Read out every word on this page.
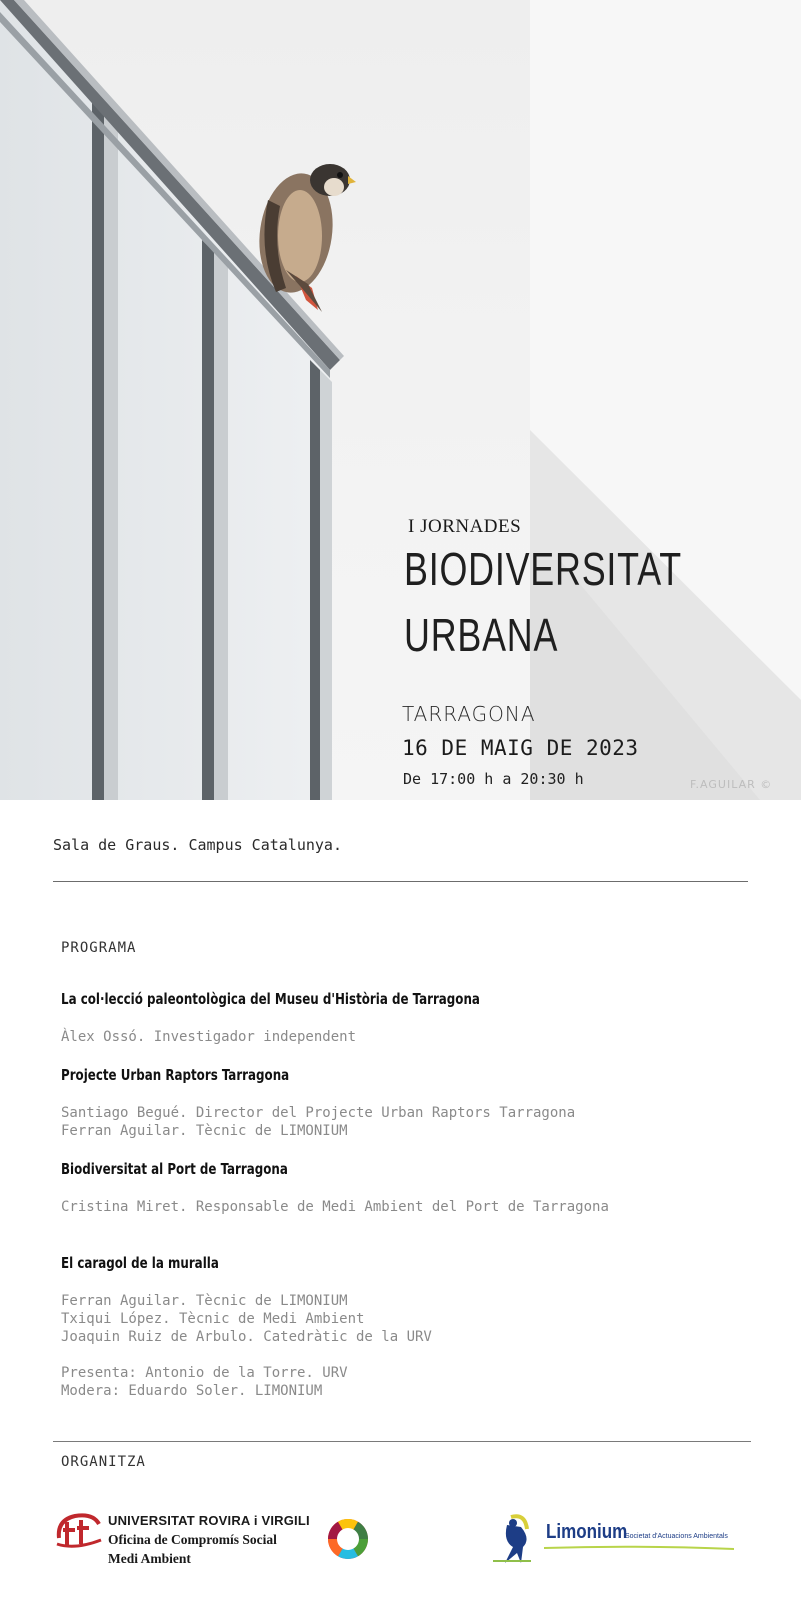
I JORNADES
BIODIVERSITAT
URBANA
TARRAGONA
16 DE MAIG DE 2023
De 17:00 h a 20:30 h	F.AGUILAR ©
Sala de Graus. Campus Catalunya.
PROGRAMA
La col·lecció paleontològica del Museu d'Història de Tarragona
Àlex Ossó. Investigador independent
Projecte Urban Raptors Tarragona
Santiago Begué. Director del Projecte Urban Raptors Tarragona
Ferran Aguilar. Tècnic de LIMONIUM
Biodiversitat al Port de Tarragona
Cristina Miret. Responsable de Medi Ambient del Port de Tarragona
El caragol de la muralla
Ferran Aguilar. Tècnic de LIMONIUM
Txiqui López. Tècnic de Medi Ambient
Joaquin Ruiz de Arbulo. Catedràtic de la URV
Presenta: Antonio de la Torre. URV
Modera: Eduardo Soler. LIMONIUM
ORGANITZA
UNIVERSITAT ROVIRA i VIRGILI
Oficina de Compromís Social
Medi Ambient
Limonium
Societat d'Actuacions Ambientals
